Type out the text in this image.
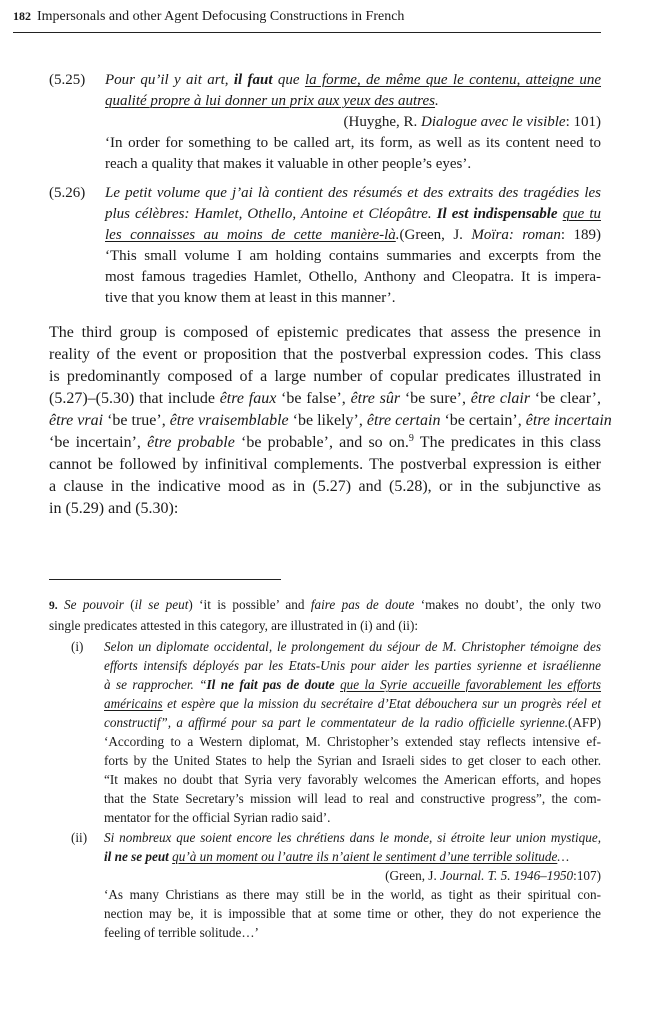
182 Impersonals and other Agent Defocusing Constructions in French
(5.25) Pour qu’il y ait art, il faut que la forme, de même que le contenu, atteigne une
qualité propre à lui donner un prix aux yeux des autres.
(Huyghe, R. Dialogue avec le visible: 101)
‘In order for something to be called art, its form, as well as its content need to
reach a quality that makes it valuable in other people’s eyes’.
(5.26) Le petit volume que j’ai là contient des résumés et des extraits des tragédies les
plus célèbres: Hamlet, Othello, Antoine et Cléopâtre. Il est indispensable que tu
les connaisses au moins de cette manière-là.(Green, J. Moïra: roman: 189)
‘This small volume I am holding contains summaries and excerpts from the
most famous tragedies Hamlet, Othello, Anthony and Cleopatra. It is impera-
tive that you know them at least in this manner’.
The third group is composed of epistemic predicates that assess the presence in
reality of the event or proposition that the postverbal expression codes. This class
is predominantly composed of a large number of copular predicates illustrated in
(5.27)–(5.30) that include être faux ‘be false’, être sûr ‘be sure’, être clair ‘be clear’,
être vrai ‘be true’, être vraisemblable ‘be likely’, être certain ‘be certain’, être incertain
‘be incertain’, être probable ‘be probable’, and so on.$^9$ The predicates in this class
cannot be followed by infinitival complements. The postverbal expression is either
a clause in the indicative mood as in (5.27) and (5.28), or in the subjunctive as
in (5.29) and (5.30):
9. Se pouvoir (il se peut) ‘it is possible’ and faire pas de doute ‘makes no doubt’, the only two
single predicates attested in this category, are illustrated in (i) and (ii):
(i) Selon un diplomate occidental, le prolongement du séjour de M. Christopher témoigne des
efforts intensifs déployés par les Etats-Unis pour aider les parties syrienne et israélienne
à se rapprocher. “Il ne fait pas de doute que la Syrie accueille favorablement les efforts
américains et espère que la mission du secrétaire d’Etat débouchera sur un progrès réel et
constructif”, a affirmé pour sa part le commentateur de la radio officielle syrienne.(AFP)
‘According to a Western diplomat, M. Christopher’s extended stay reflects intensive ef-
forts by the United States to help the Syrian and Israeli sides to get closer to each other.
“It makes no doubt that Syria very favorably welcomes the American efforts, and hopes
that the State Secretary’s mission will lead to real and constructive progress”, the com-
mentator for the official Syrian radio said’.
(ii) Si nombreux que soient encore les chrétiens dans le monde, si étroite leur union mystique,
il ne se peut qu’à un moment ou l’autre ils n’aient le sentiment d’une terrible solitude…
(Green, J. Journal. T. 5. 1946–1950:107)
‘As many Christians as there may still be in the world, as tight as their spiritual con-
nection may be, it is impossible that at some time or other, they do not experience the
feeling of terrible solitude…’
